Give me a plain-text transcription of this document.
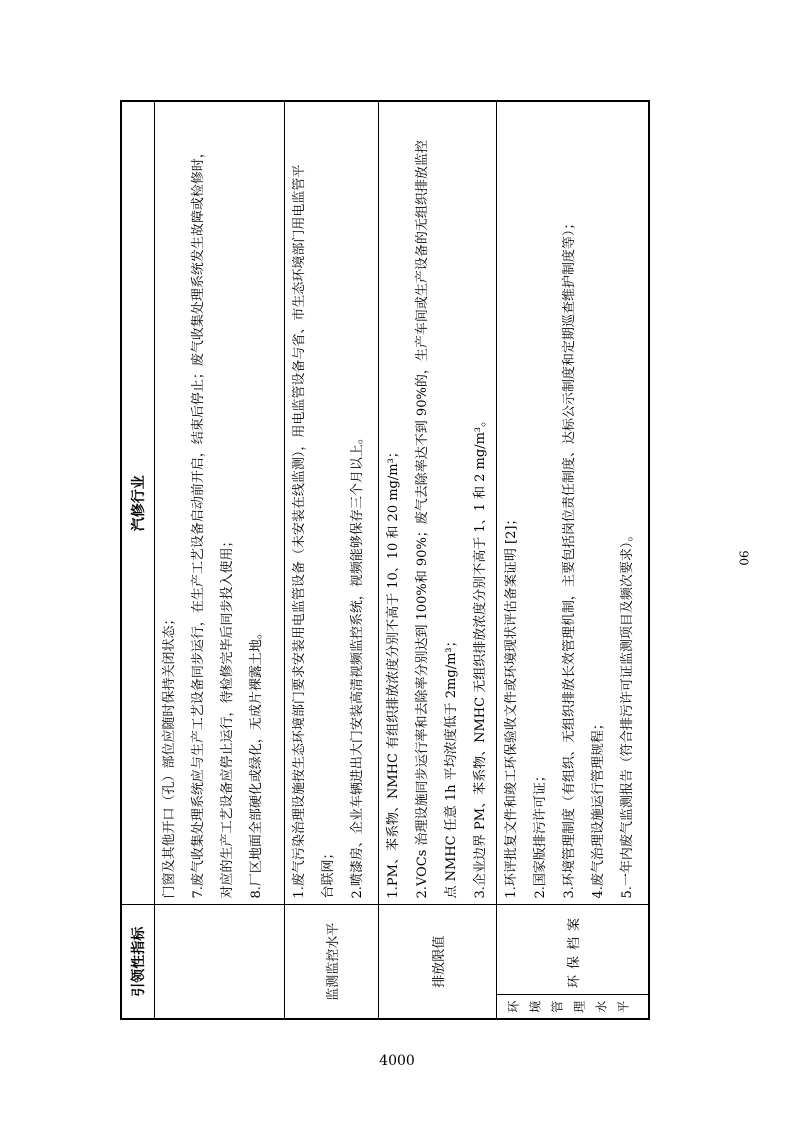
引领性指标		汽修行业

		门窗及其他开口（孔）部位应随时保持关闭状态； 7.废气收集处理系统应与生产工艺设备同步运行，在生产工艺设备启动前开启，结束后停止；废气收集处理系统发生故障或检修时， 对应的生产工艺设备应停止运行，待检修完毕后同步投入使用； 8.厂区地面全部硬化或绿化，无成片裸露土地。

监测监控水平		1.废气污染治理设施按生态环境部门要求安装用电监管设备（未安装在线监测），用电监管设备与省、市生态环境部门用电监管平 台联网； 2.喷漆房、企业车辆进出大门安装高清视频监控系统，视频能够保存三个月以上。

排放限值		1.PM、苯系物、NMHC 有组织排放浓度分别不高于 10、10 和 20 mg/m³； 2.VOCs 治理设施同步运行率和去除率分别达到 100%和 90%；废气去除率达不到 90%的，生产车间或生产设备的无组织排放监控 点 NMHC 任意 1h 平均浓度低于 2mg/m³； 3.企业边界 PM、苯系物、NMHC 无组织排放浓度分别不高于 1、1 和 2 mg/m³。

环境管理水平	环保档案	1.环评批复文件和竣工环保验收文件或环境现状评估备案证明 [2]； 2.国家版排污许可证； 3.环境管理制度（有组织、无组织排放长效管理机制，主要包括岗位责任制度、达标公示制度和定期巡查维护制度等）； 4.废气治理设施运行管理规程； 5.一年内废气监测报告（符合排污许可证监测项目及频次要求）。	90
4000
